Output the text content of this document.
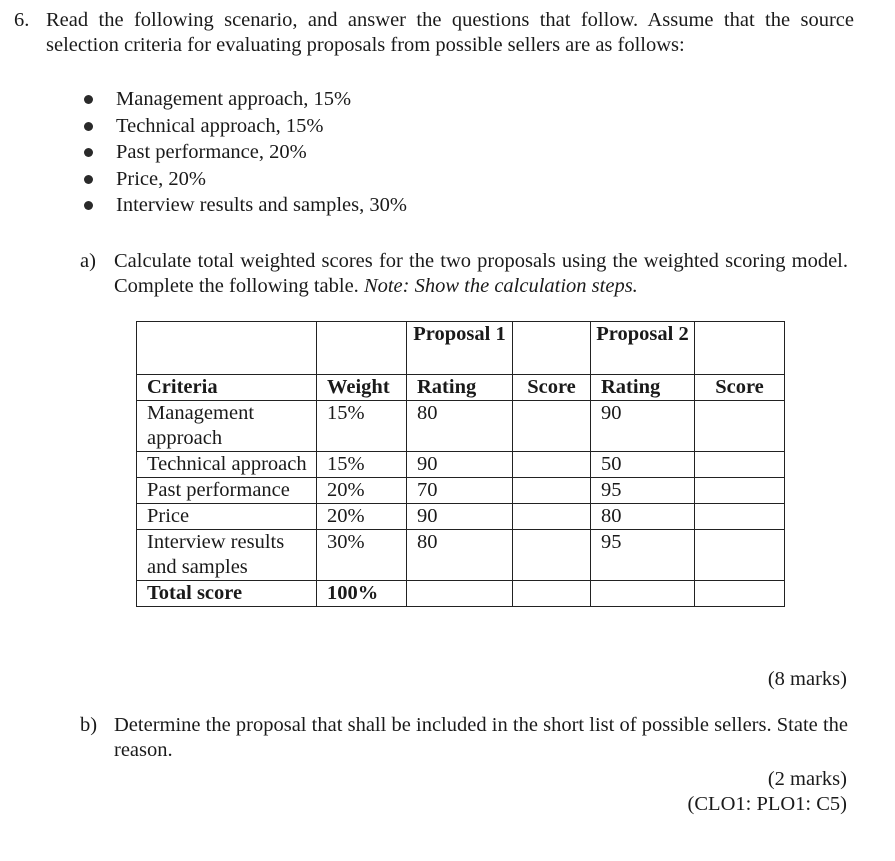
6. Read the following scenario, and answer the questions that follow. Assume that the source selection criteria for evaluating proposals from possible sellers are as follows:
Management approach, 15%
Technical approach, 15%
Past performance, 20%
Price, 20%
Interview results and samples, 30%
a) Calculate total weighted scores for the two proposals using the weighted scoring model. Complete the following table. Note: Show the calculation steps.
		Proposal 1		Proposal 2	
Criteria	Weight	Rating	Score	Rating	Score
Management approach	15%	80		90	
Technical approach	15%	90		50	
Past performance	20%	70		95	
Price	20%	90		80	
Interview results and samples	30%	80		95	
Total score	100%				
(8 marks)
b) Determine the proposal that shall be included in the short list of possible sellers. State the reason.
(2 marks)
(CLO1: PLO1: C5)
